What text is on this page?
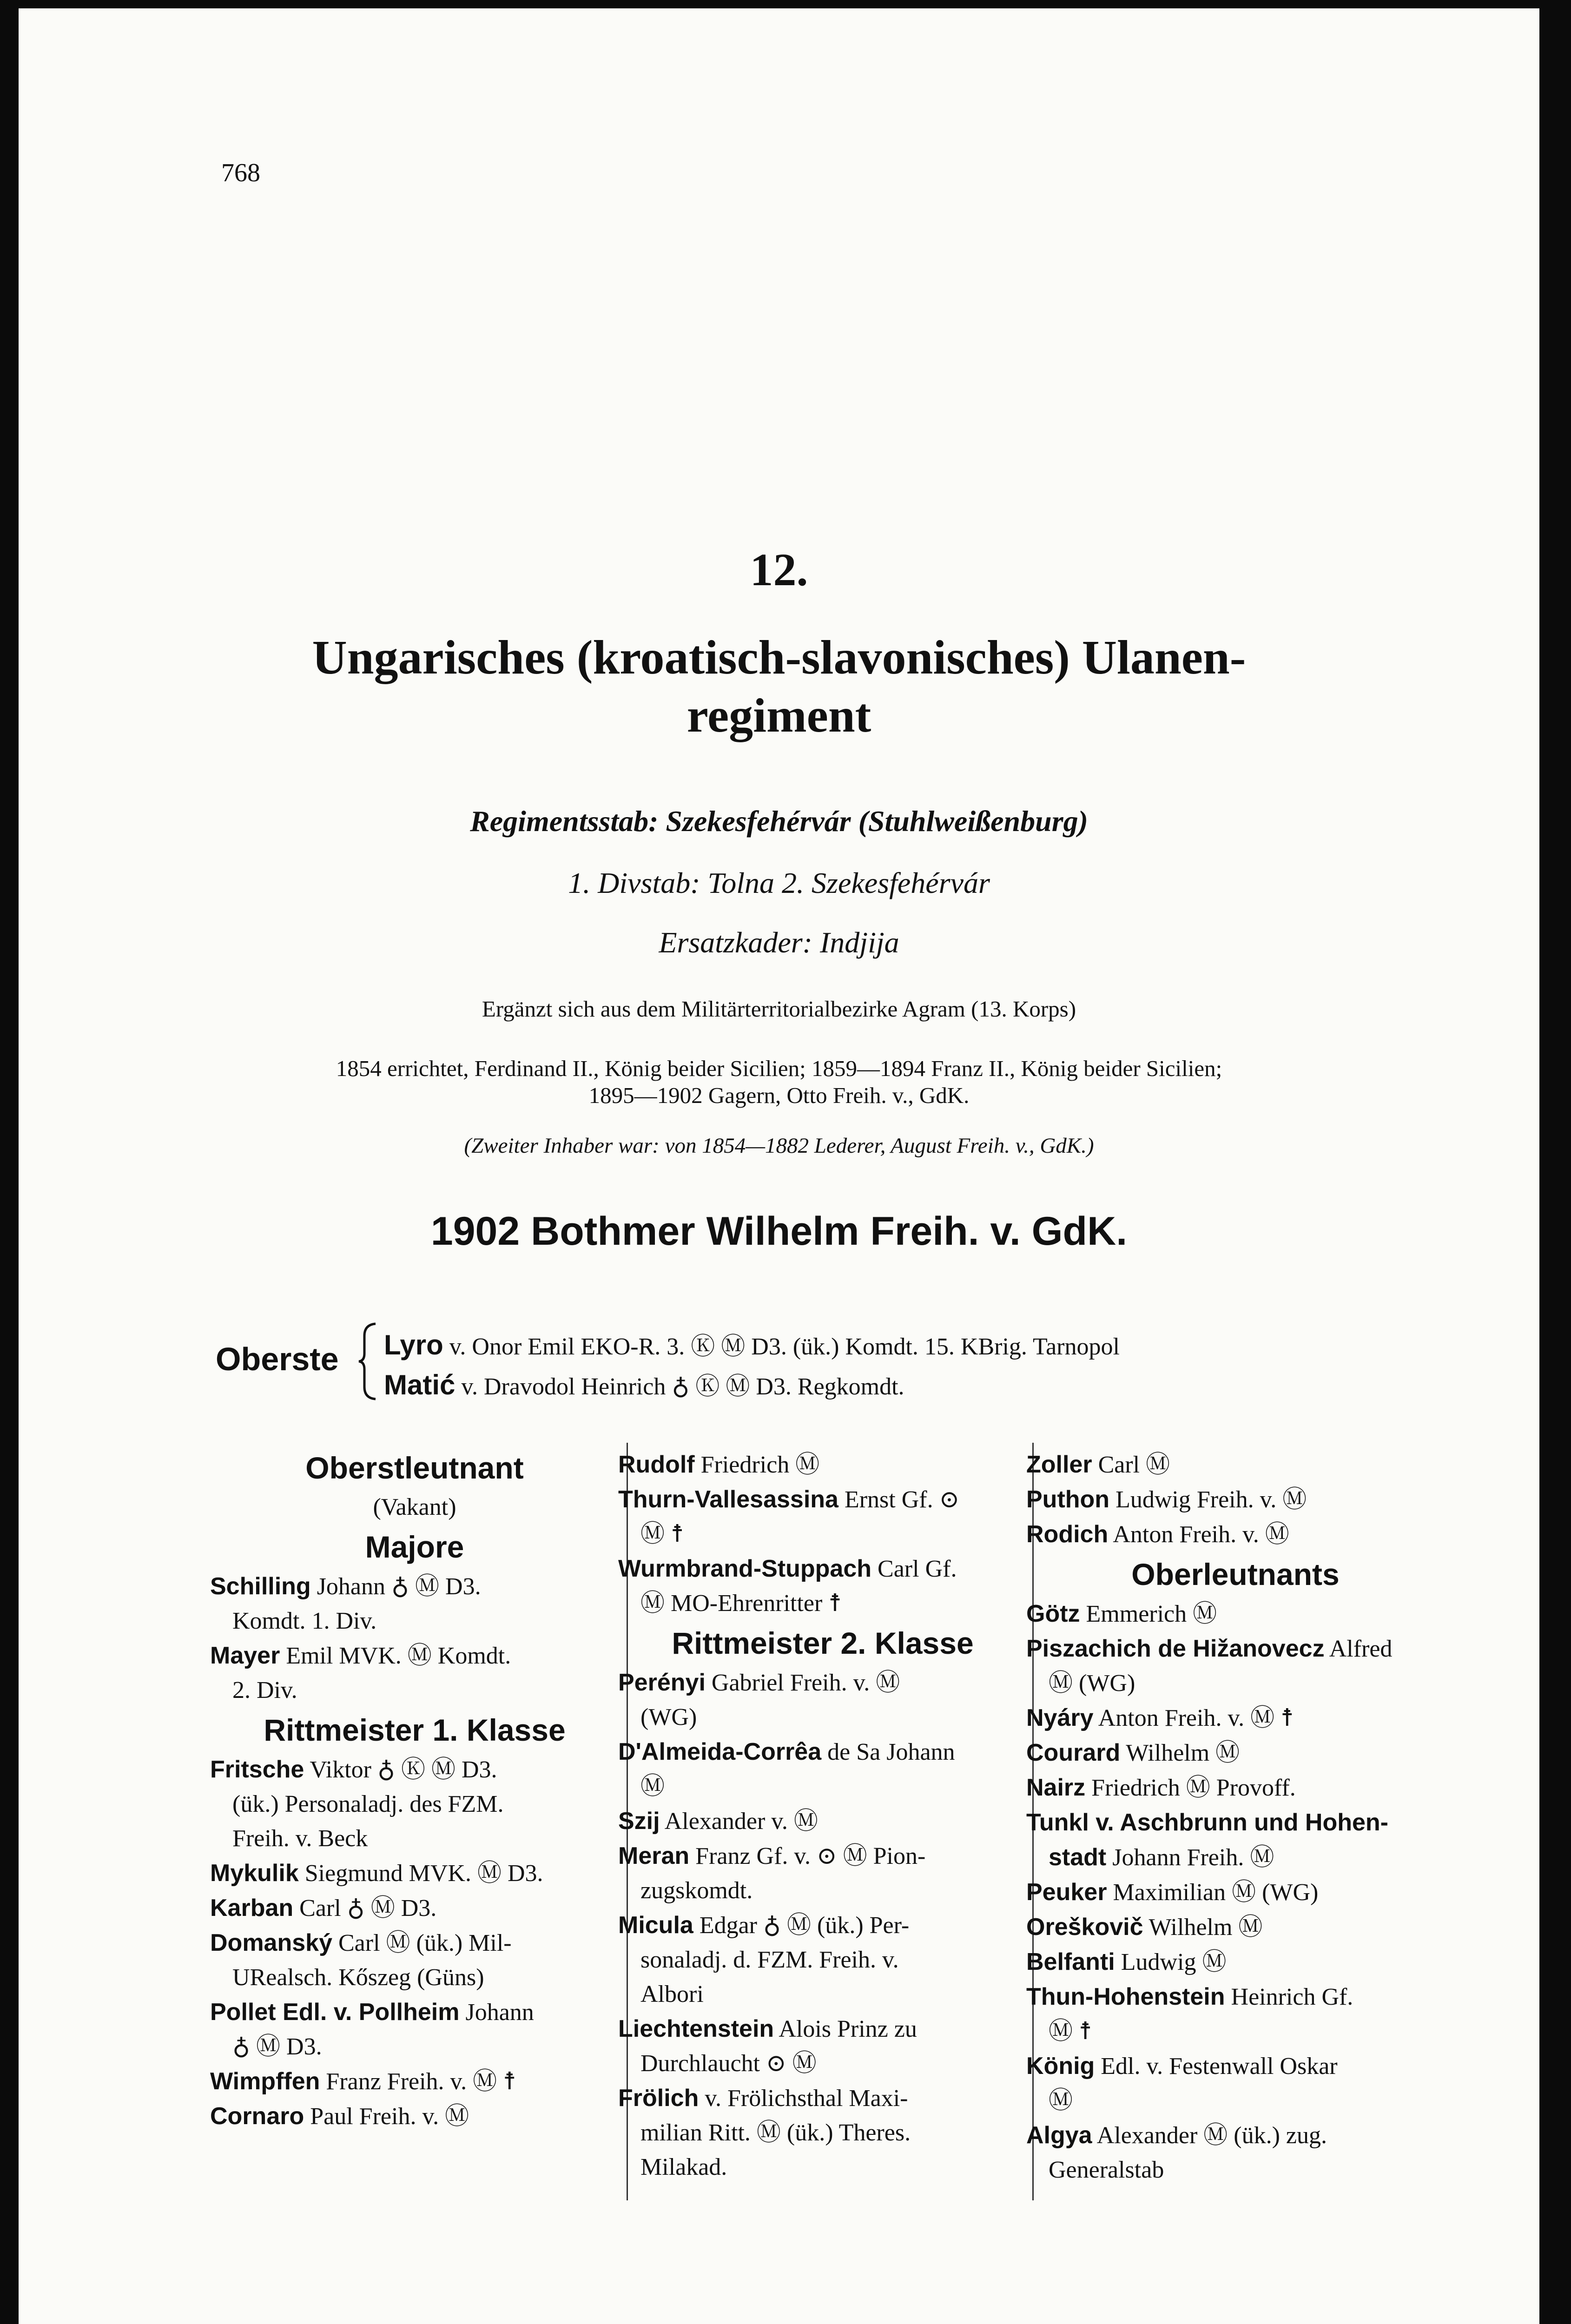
768
12.
Ungarisches (kroatisch-slavonisches) Ulanen-
regiment
Regimentsstab: Szekesfehérvár (Stuhlweißenburg)
1. Divstab: Tolna 2. Szekesfehérvár
Ersatzkader: Indjija
Ergänzt sich aus dem Militärterritorialbezirke Agram (13. Korps)
1854 errichtet, Ferdinand II., König beider Sicilien; 1859—1894 Franz II., König beider Sicilien;
1895—1902 Gagern, Otto Freih. v., GdK.
(Zweiter Inhaber war: von 1854—1882 Lederer, August Freih. v., GdK.)
1902 Bothmer Wilhelm Freih. v. GdK.
Oberste Lyro v. Onor Emil EKO-R. 3. Ⓚ Ⓜ D3. (ük.) Komdt. 15. KBrig. Tarnopol
Matić v. Dravodol Heinrich ♁ Ⓚ Ⓜ D3. Regkomdt.
Oberstleutnant
(Vakant)
Majore
Schilling Johann ♁ Ⓜ D3.
Komdt. 1. Div.
Mayer Emil MVK. Ⓜ Komdt.
2. Div.
Rittmeister 1. Klasse
Fritsche Viktor ♁ Ⓚ Ⓜ D3.
(ük.) Personaladj. des FZM.
Freih. v. Beck
Mykulik Siegmund MVK. Ⓜ D3.
Karban Carl ♁ Ⓜ D3.
Domanský Carl Ⓜ (ük.) Mil-
URealsch. Kőszeg (Güns)
Pollet Edl. v. Pollheim Johann
♁ Ⓜ D3.
Wimpffen Franz Freih. v. Ⓜ ☨
Cornaro Paul Freih. v. Ⓜ
Rudolf Friedrich Ⓜ
Thurn-Vallesassina Ernst Gf. ⊙
Ⓜ ☨
Wurmbrand-Stuppach Carl Gf.
Ⓜ MO-Ehrenritter ☨
Rittmeister 2. Klasse
Perényi Gabriel Freih. v. Ⓜ
(WG)
D'Almeida-Corrêa de Sa Johann
Ⓜ
Szij Alexander v. Ⓜ
Meran Franz Gf. v. ⊙ Ⓜ Pion-
zugskomdt.
Micula Edgar ♁ Ⓜ (ük.) Per-
sonaladj. d. FZM. Freih. v.
Albori
Liechtenstein Alois Prinz zu
Durchlaucht ⊙ Ⓜ
Frölich v. Frölichsthal Maxi-
milian Ritt. Ⓜ (ük.) Theres.
Milakad.
Zoller Carl Ⓜ
Puthon Ludwig Freih. v. Ⓜ
Rodich Anton Freih. v. Ⓜ
Oberleutnants
Götz Emmerich Ⓜ
Piszachich de Hižanovecz Alfred
Ⓜ (WG)
Nyáry Anton Freih. v. Ⓜ ☨
Courard Wilhelm Ⓜ
Nairz Friedrich Ⓜ Provoff.
Tunkl v. Aschbrunn und Hohen-
stadt Johann Freih. Ⓜ
Peuker Maximilian Ⓜ (WG)
Oreškovič Wilhelm Ⓜ
Belfanti Ludwig Ⓜ
Thun-Hohenstein Heinrich Gf.
Ⓜ ☨
König Edl. v. Festenwall Oskar
Ⓜ
Algya Alexander Ⓜ (ük.) zug.
Generalstab
